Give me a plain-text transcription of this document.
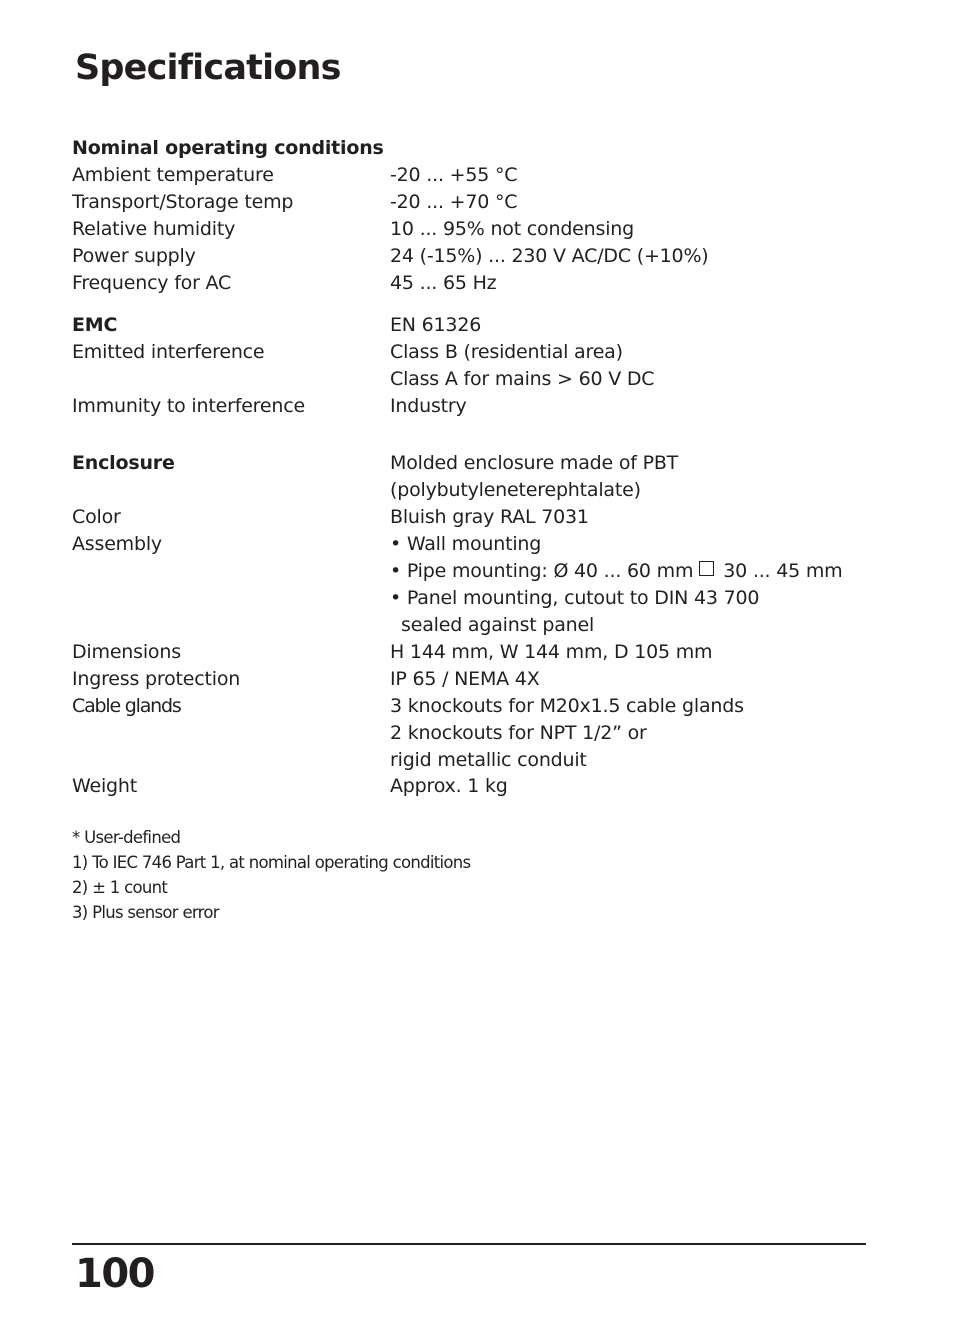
Specifications
Nominal operating conditions
Ambient temperature	-20 ... +55 °C
Transport/Storage temp	-20 ... +70 °C
Relative humidity	10 ... 95% not condensing
Power supply	24 (-15%) ... 230 V AC/DC (+10%)
Frequency for AC	45 ... 65 Hz
EMC	EN 61326
Emitted interference	Class B (residential area)
Class A for mains > 60 V DC
Immunity to interference	Industry
Enclosure	Molded enclosure made of PBT
(polybutyleneterephtalate)
Color	Bluish gray RAL 7031
Assembly	• Wall mounting
• Pipe mounting: Ø 40 ... 60 mm 30 ... 45 mm
• Panel mounting, cutout to DIN 43 700
sealed against panel
Dimensions	H 144 mm, W 144 mm, D 105 mm
Ingress protection	IP 65 / NEMA 4X
Cable glands	3 knockouts for M20x1.5 cable glands
2 knockouts for NPT 1/2” or
rigid metallic conduit
Weight	Approx. 1 kg
* User-defined
1) To IEC 746 Part 1, at nominal operating conditions
2) ± 1 count
3) Plus sensor error
100
